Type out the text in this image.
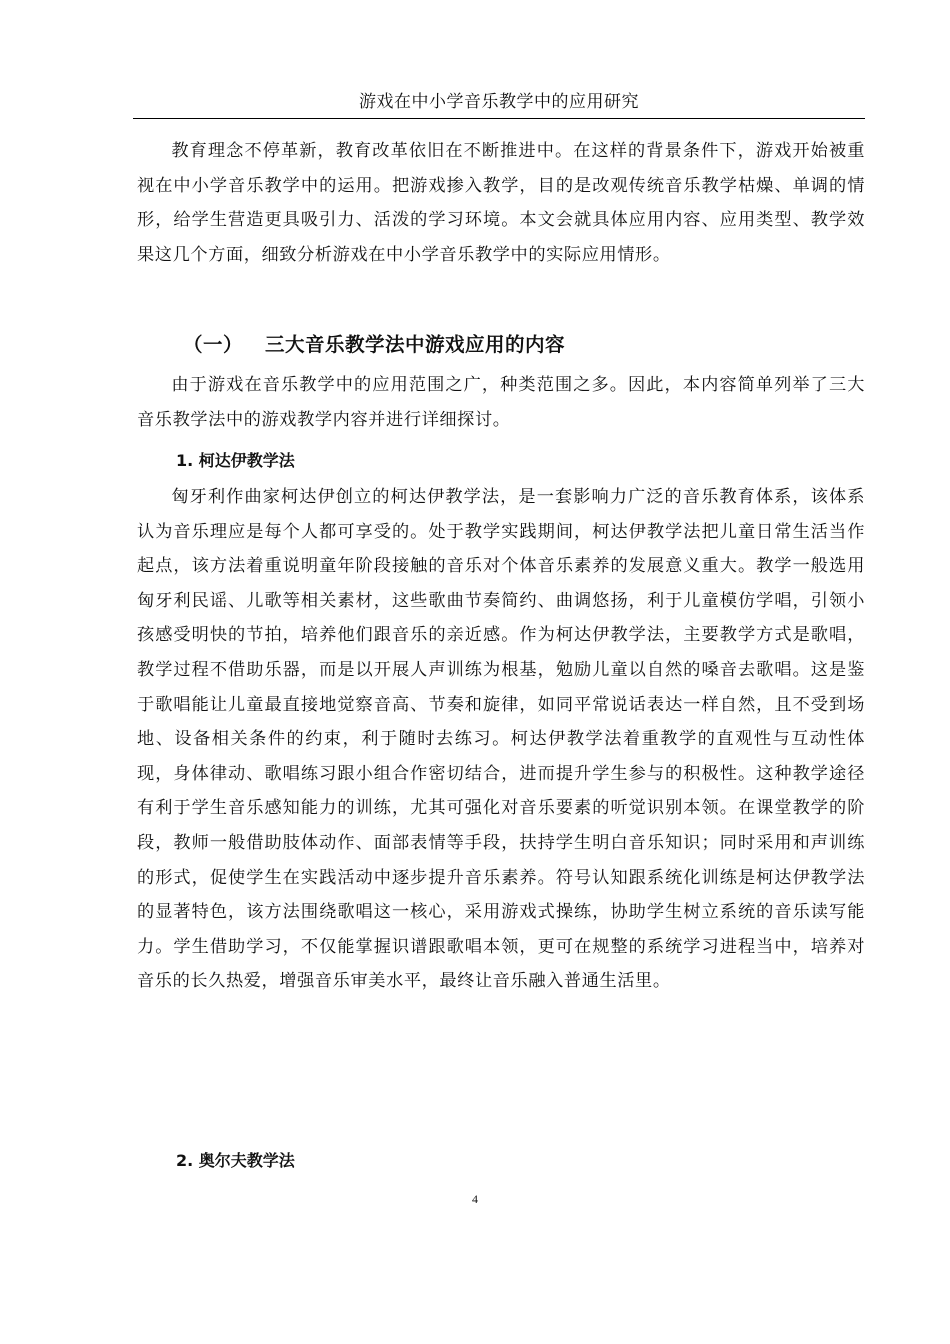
游戏在中小学音乐教学中的应用研究

教育理念不停革新，教育改革依旧在不断推进中。在这样的背景条件下，游戏开始被重视在中小学音乐教学中的运用。把游戏掺入教学，目的是改观传统音乐教学枯燥、单调的情形，给学生营造更具吸引力、活泼的学习环境。本文会就具体应用内容、应用类型、教学效果这几个方面，细致分析游戏在中小学音乐教学中的实际应用情形。

（一） 三大音乐教学法中游戏应用的内容

由于游戏在音乐教学中的应用范围之广，种类范围之多。因此，本内容简单列举了三大音乐教学法中的游戏教学内容并进行详细探讨。

1. 柯达伊教学法

匈牙利作曲家柯达伊创立的柯达伊教学法，是一套影响力广泛的音乐教育体系，该体系认为音乐理应是每个人都可享受的。处于教学实践期间，柯达伊教学法把儿童日常生活当作起点，该方法着重说明童年阶段接触的音乐对个体音乐素养的发展意义重大。教学一般选用匈牙利民谣、儿歌等相关素材，这些歌曲节奏简约、曲调悠扬，利于儿童模仿学唱，引领小孩感受明快的节拍，培养他们跟音乐的亲近感。作为柯达伊教学法，主要教学方式是歌唱，教学过程不借助乐器，而是以开展人声训练为根基，勉励儿童以自然的嗓音去歌唱。这是鉴于歌唱能让儿童最直接地觉察音高、节奏和旋律，如同平常说话表达一样自然，且不受到场地、设备相关条件的约束，利于随时去练习。柯达伊教学法着重教学的直观性与互动性体现，身体律动、歌唱练习跟小组合作密切结合，进而提升学生参与的积极性。这种教学途径有利于学生音乐感知能力的训练，尤其可强化对音乐要素的听觉识别本领。在课堂教学的阶段，教师一般借助肢体动作、面部表情等手段，扶持学生明白音乐知识；同时采用和声训练的形式，促使学生在实践活动中逐步提升音乐素养。符号认知跟系统化训练是柯达伊教学法的显著特色，该方法围绕歌唱这一核心，采用游戏式操练，协助学生树立系统的音乐读写能力。学生借助学习，不仅能掌握识谱跟歌唱本领，更可在规整的系统学习进程当中，培养对音乐的长久热爱，增强音乐审美水平，最终让音乐融入普通生活里。

2. 奥尔夫教学法
4
